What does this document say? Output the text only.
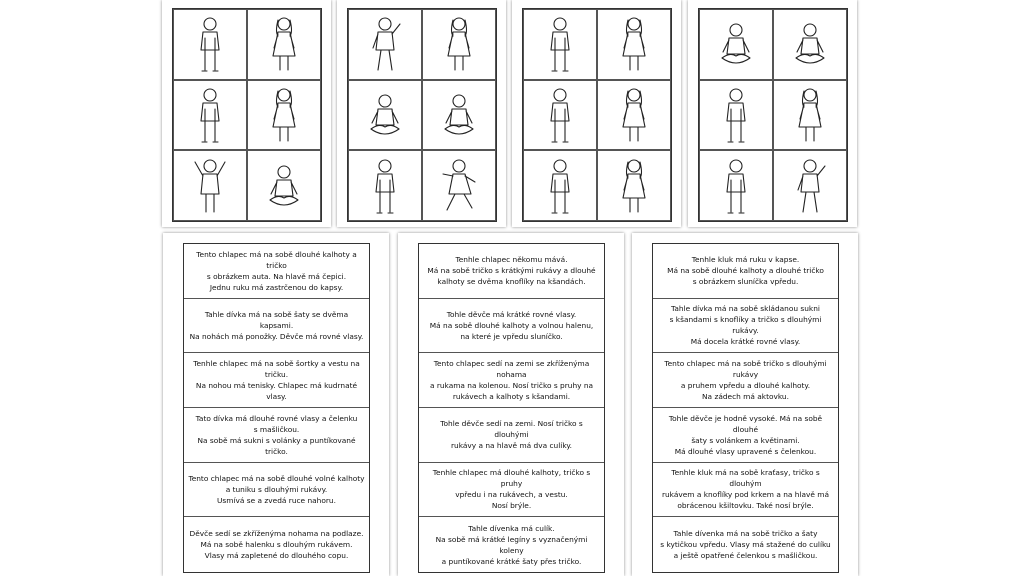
Tento chlapec má na sobě dlouhé kalhoty a tričko
s obrázkem auta. Na hlavě má čepici.
Jednu ruku má zastrčenou do kapsy.
Tahle dívka má na sobě šaty se dvěma kapsami.
Na nohách má ponožky. Děvče má rovné vlasy.
Tenhle chlapec má na sobě šortky a vestu na tričku.
Na nohou má tenisky. Chlapec má kudrnaté vlasy.
Tato dívka má dlouhé rovné vlasy a čelenku
s mašličkou.
Na sobě má sukni s volánky a puntíkované tričko.
Tento chlapec má na sobě dlouhé volné kalhoty
a tuniku s dlouhými rukávy.
Usmívá se a zvedá ruce nahoru.
Děvče sedí se zkříženýma nohama na podlaze.
Má na sobě halenku s dlouhým rukávem.
Vlasy má zapletené do dlouhého copu.
Tenhle chlapec někomu mává.
Má na sobě tričko s krátkými rukávy a dlouhé
kalhoty se dvěma knoflíky na kšandách.
Tohle děvče má krátké rovné vlasy.
Má na sobě dlouhé kalhoty a volnou halenu,
na které je vpředu sluníčko.
Tento chlapec sedí na zemi se zkříženýma nohama
a rukama na kolenou. Nosí tričko s pruhy na
rukávech a kalhoty s kšandami.
Tohle děvče sedí na zemi. Nosí tričko s dlouhými
rukávy a na hlavě má dva culíky.
Tenhle chlapec má dlouhé kalhoty, tričko s pruhy
vpředu i na rukávech, a vestu.
Nosí brýle.
Tahle dívenka má culík.
Na sobě má krátké legíny s vyznačenými koleny
a puntíkované krátké šaty přes tričko.
Tenhle kluk má ruku v kapse.
Má na sobě dlouhé kalhoty a dlouhé tričko
s obrázkem sluníčka vpředu.
Tahle dívka má na sobě skládanou sukni
s kšandami s knoflíky a tričko s dlouhými rukávy.
Má docela krátké rovné vlasy.
Tento chlapec má na sobě tričko s dlouhými rukávy
a pruhem vpředu a dlouhé kalhoty.
Na zádech má aktovku.
Tohle děvče je hodně vysoké. Má na sobě dlouhé
šaty s volánkem a květinami.
Má dlouhé vlasy upravené s čelenkou.
Tenhle kluk má na sobě kraťasy, tričko s dlouhým
rukávem a knoflíky pod krkem a na hlavě má
obrácenou kšiltovku. Také nosí brýle.
Tahle dívenka má na sobě tričko a šaty
s kytičkou vpředu. Vlasy má stažené do culíku
a ještě opatřené čelenkou s mašličkou.
